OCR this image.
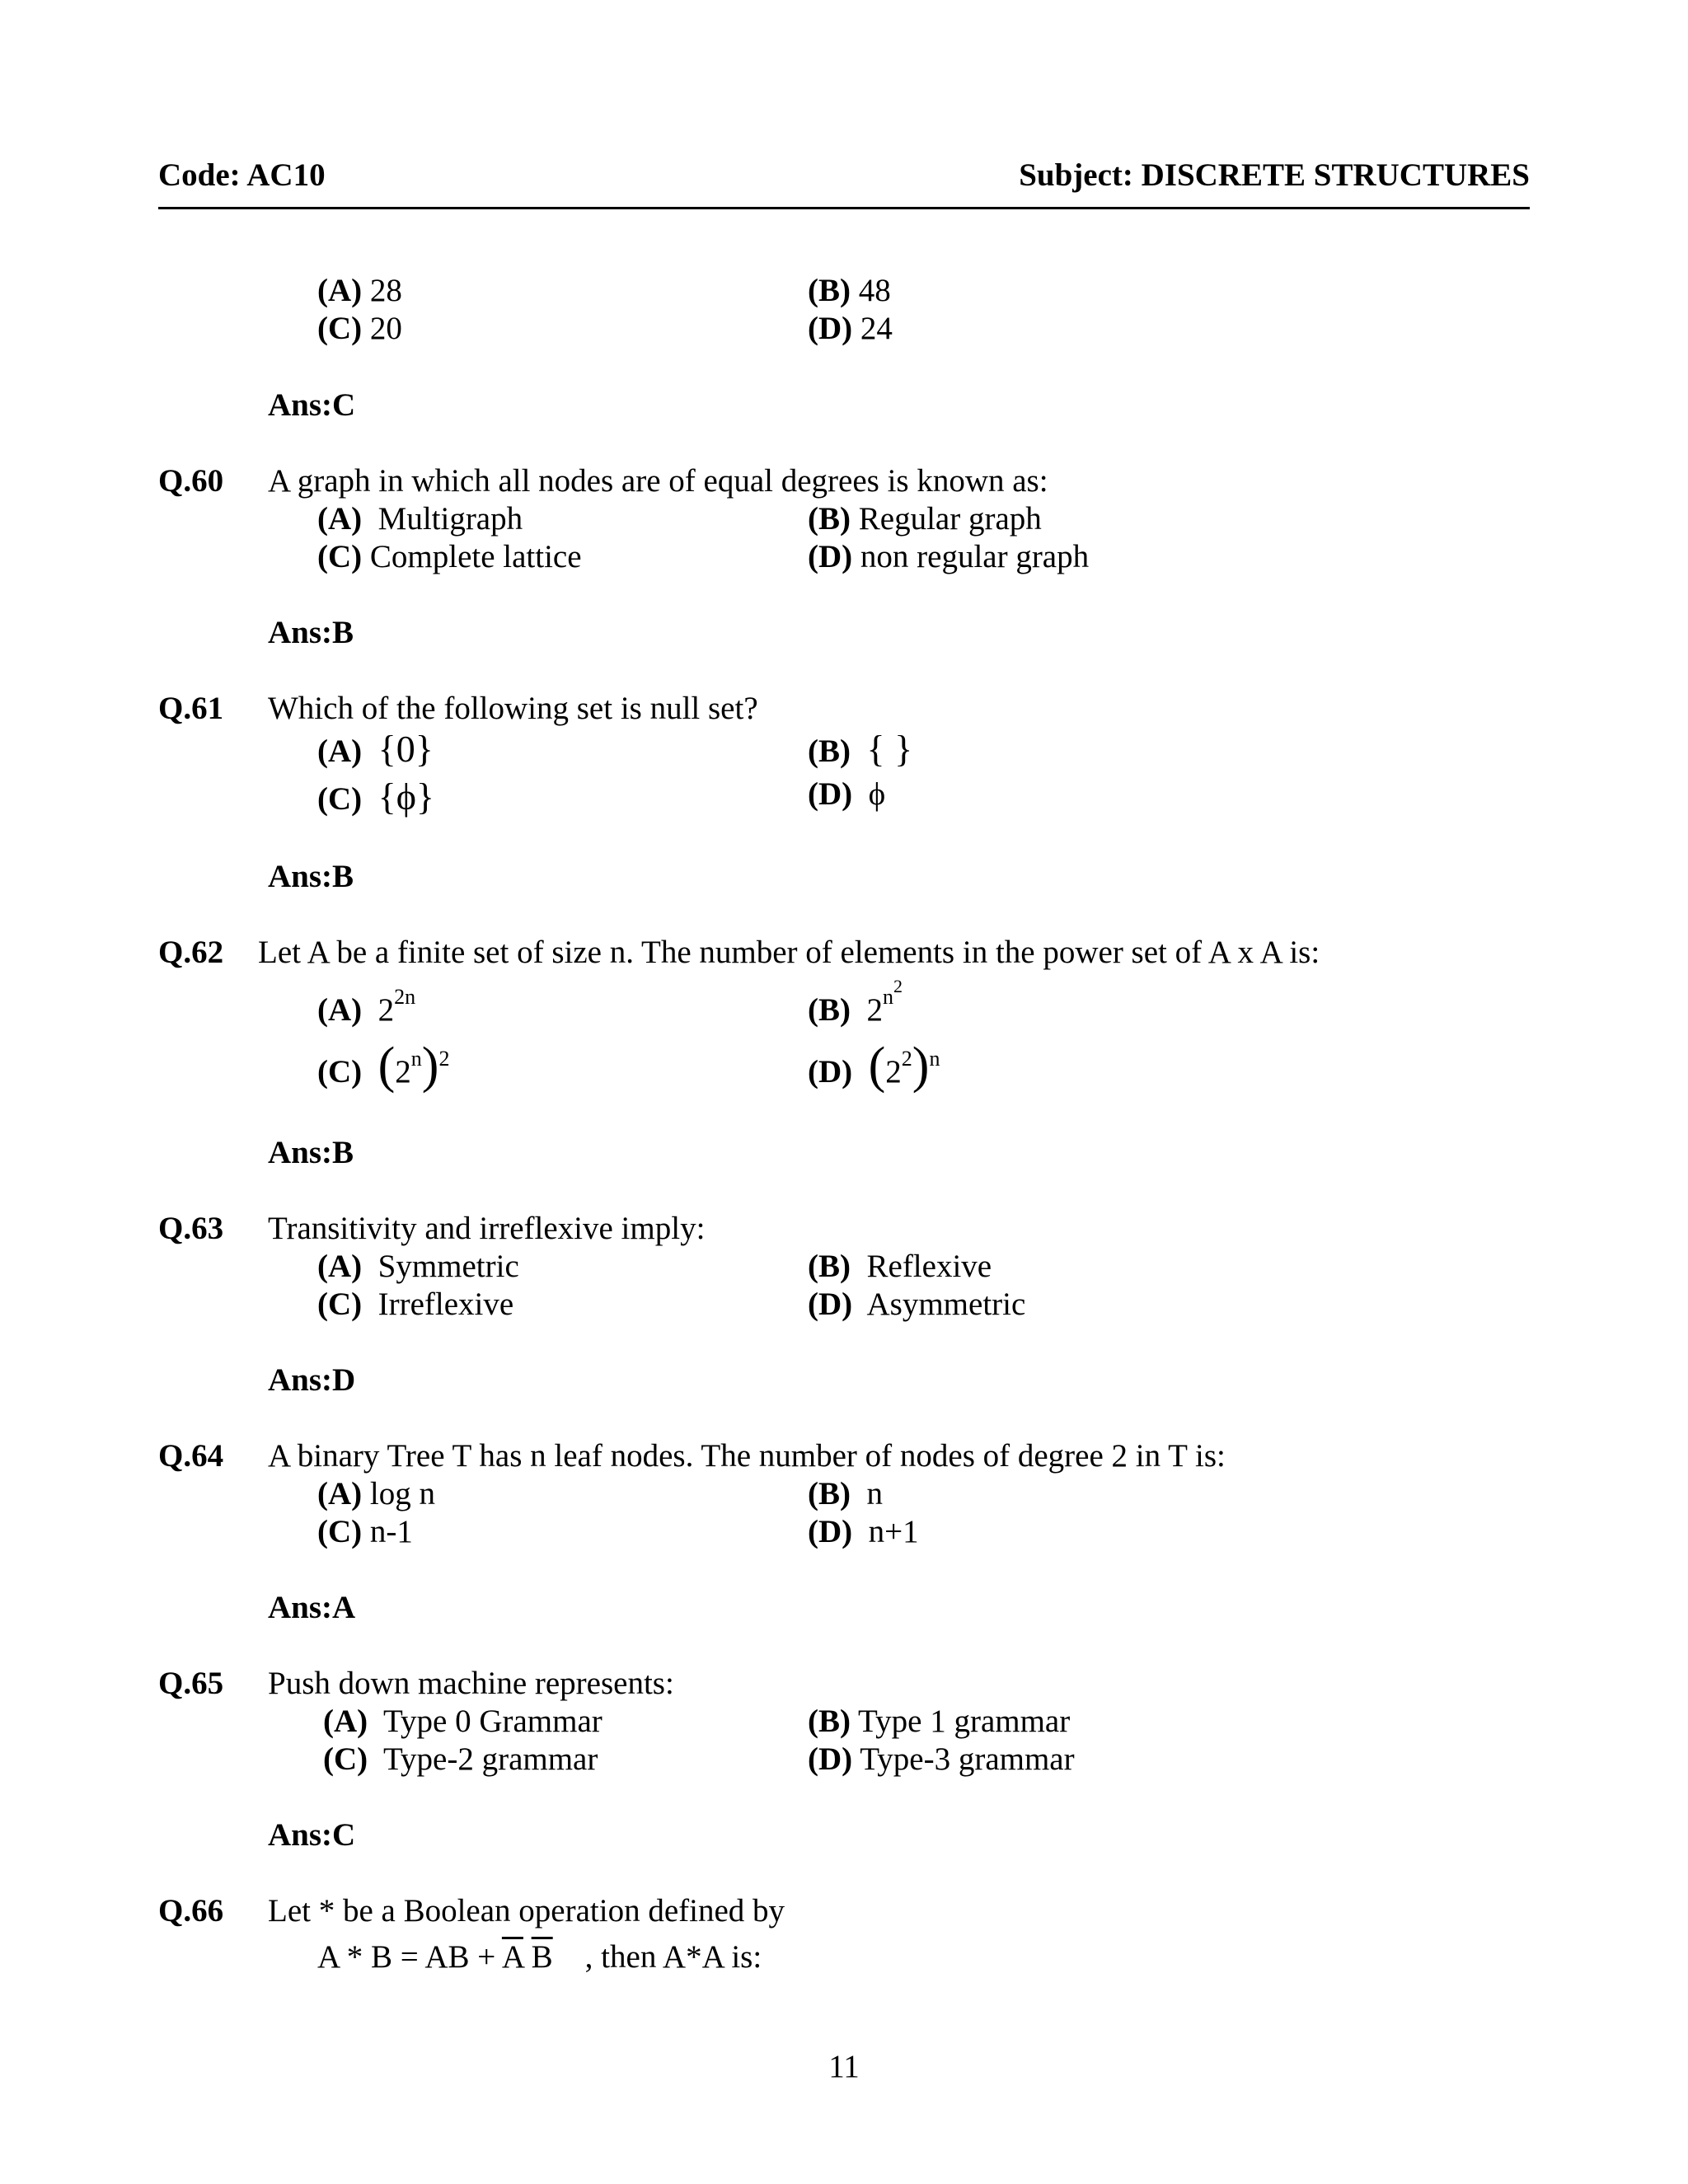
Code: AC10	Subject: DISCRETE STRUCTURES
(A) 28	(B) 48
(C) 20	(D) 24
Ans:C
Q.60 A graph in which all nodes are of equal degrees is known as:
(A) Multigraph	(B) Regular graph
(C) Complete lattice	(D) non regular graph
Ans:B
Q.61 Which of the following set is null set?
(A) {0}	(B) { }
(C) {ϕ}	(D) ϕ
Ans:B
Q.62 Let A be a finite set of size n. The number of elements in the power set of A x A is:
(A) $2^{2n}$	(B) $2^{n2}$
(C) $(2^n)^2$	(D) $(2^2)^n$
Ans:B
Q.63 Transitivity and irreflexive imply:
(A) Symmetric	(B) Reflexive
(C) Irreflexive	(D) Asymmetric
Ans:D
Q.64 A binary Tree T has n leaf nodes. The number of nodes of degree 2 in T is:
(A) log n	(B) n
(C) n-1	(D) n+1
Ans:A
Q.65 Push down machine represents:
(A) Type 0 Grammar	(B) Type 1 grammar
(C) Type-2 grammar	(D) Type-3 grammar
Ans:C
Q.66 Let * be a Boolean operation defined by
A * B = AB + $\overline{A}$ $\overline{B}$ , then A*A is:
11
